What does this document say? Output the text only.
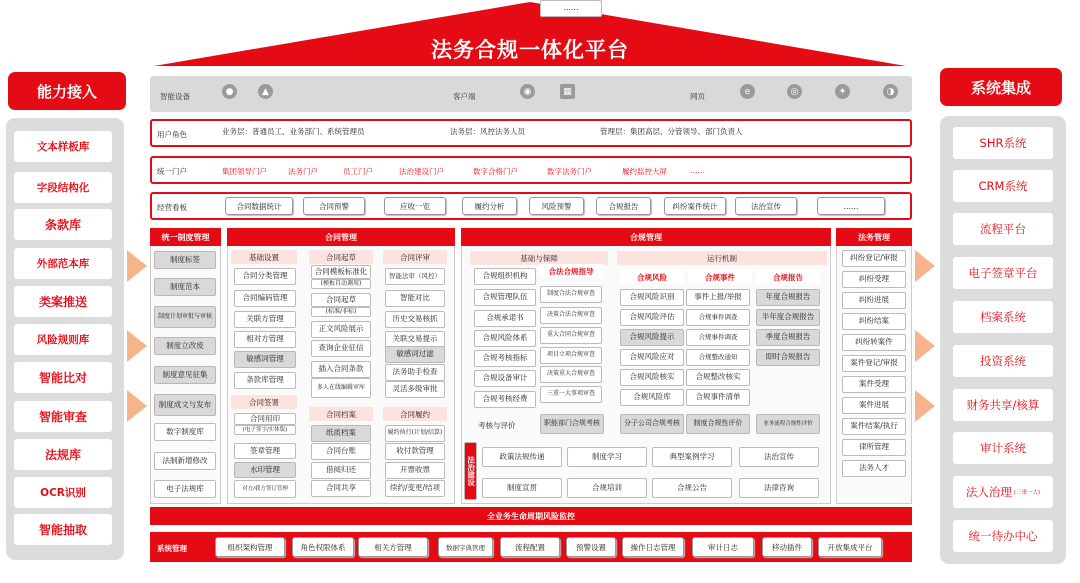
法务合规一体化平台
能力接入
文本样板库
字段结构化
条款库
外部范本库
类案推送
风险规则库
智能比对
智能审查
法规库
OCR识别
智能抽取
系统集成
SHR系统
CRM系统
流程平台
电子签章平台
档案系统
投资系统
财务共享/核算
审计系统
法人治理 (三重一大)
统一待办中心
智能设备	客户端	网页
●	▲	◉	▦	e	◎	✦	◑
用户角色	业务层：普通员工、业务部门、系统管理员	法务层：风控法务人员	管理层：集团高层、分管领导、部门负责人
统一门户	集团领导门户	法务门户	员工门户	法治建设门户	数字合格门户	数字法务门户	履约监控大屏	……
经营看板	合同数据统计	合同预警	应收一览	履约分析	风险预警	合规报告	纠纷案件统计	法治宣传	……
统一制度管理
制度标签
制度范本
制度计划审批与审核
制度立改废
制度意见征集
制度成文与发布
数字制度库
法制新增修改
电子法规库
合同管理
基础设置	合同起草	合同评审
合同分类管理
合同编码管理
关联方管理
相对方管理
敏感词管理
条款库管理
合同模板标准化
(模板自动调用)
合同起草
(标准/非标)
正文风险展示
查询企业征信
插入合同条款
多人在线编辑审库
智能法审（风控）
智能对比
历史交易核抓
关联交易提示
敏感词过滤
法务助手检查
灵活多级审批
合同签署
合同用印
(电子签字/实体版)
签章管理
水印管理
对方/我方签订管理
合同档案
纸质档案
合同台账
借阅归还
合同共享
合同履约
履约执行(计划/结算)
收付款管理
开票收票
续约/变更/结项
合规管理
基础与保障	运行机制
合规组织机构
合规管理队伍
合规承诺书
合规风险体系
合规考核指标
合规设备审计
合规考核经费
合法合规指导
制度合法合规审查
决策合法合规审查
重大合同合规审查
项目立项合规审查
决策重大合规审查
三重一大事项审查
……
合规风险	合规事件	合规报告
合规风险识别
合规风险评估
合规风险提示
合规风险应对
合规风险核实
合规风险库
事件上报/举报
合规事件调查
合规事件调查
合规整改通知
合规整改核实
合规事件清单
年度合规报告
半年度合规报告
季度合规报告
即时合规报告
考核与评价	职能部门合规考核	分子公司合规考核	制度合规性评价	业务流程合规性评价
法治建设	政策法规传递	制度学习	典型案例学习	法治宣传
制度宣贯	合规培训	合规公告	法律咨询
法务管理
纠纷登记/审报
纠纷受理
纠纷进展
纠纷结案
纠纷转案件
案件登记/审报
案件受理
案件进展
案件结案/执行
律所管理
法务人才
全业务生命周期风险监控
系统管理	组织架构管理	角色权限体系	相关方管理	数据字典管理	流程配置	预警设置	操作日志管理	审计日志	移动插件	开放集成平台
